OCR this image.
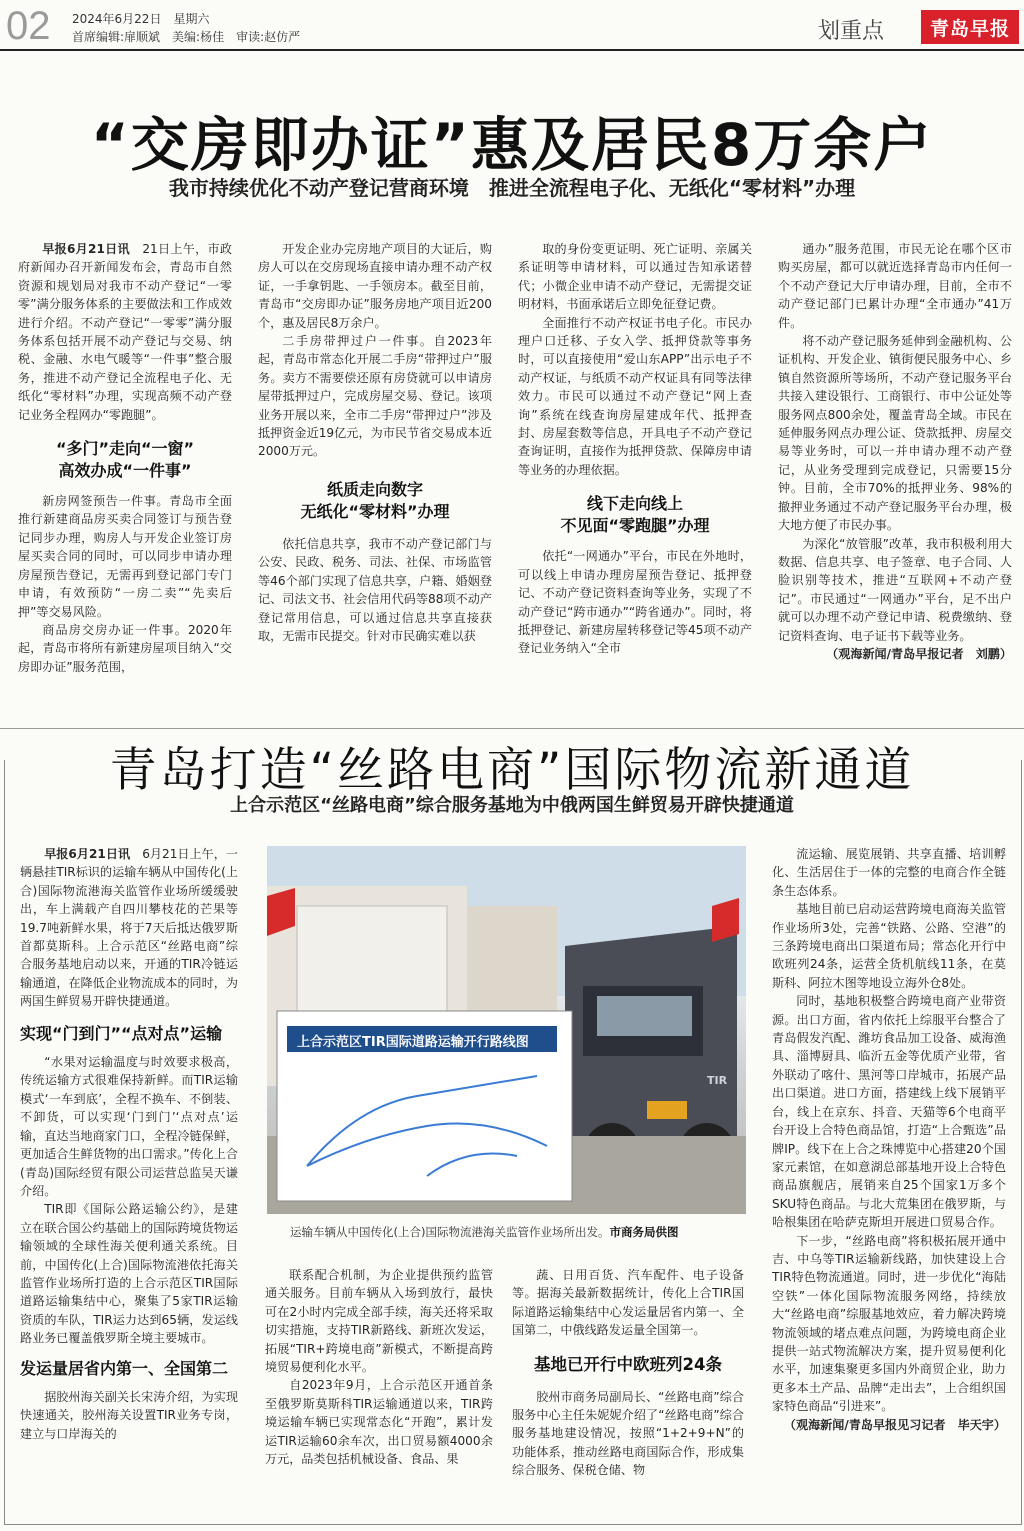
02 2024年6月22日　星期六
首席编辑:扉顺斌　美编:杨佳　审读:赵仿严	划重点 青岛早报
“交房即办证”惠及居民8万余户
我市持续优化不动产登记营商环境　推进全流程电子化、无纸化“零材料”办理

早报6月21日讯　 21日上午，市政府新闻办召开新闻发布会，青岛市自然资源和规划局对我市不动产登记“一零零”满分服务体系的主要做法和工作成效进行介绍。不动产登记“一零零”满分服务体系包括开展不动产登记与交易、纳税、金融、水电气暖等“一件事”整合服务，推进不动产登记全流程电子化、无纸化“零材料”办理，实现高频不动产登记业务全程网办“零跑腿”。

“多门”走向“一窗”
高效办成“一件事”

新房网签预告一件事。青岛市全面推行新建商品房买卖合同签订与预告登记同步办理，购房人与开发企业签订房屋买卖合同的同时，可以同步申请办理房屋预告登记，无需再到登记部门专门申请，有效预防“一房二卖”“先卖后押”等交易风险。

商品房交房办证一件事。2020年起，青岛市将所有新建房屋项目纳入“交房即办证”服务范围，

开发企业办完房地产项目的大证后，购房人可以在交房现场直接申请办理不动产权证，一手拿钥匙、一手领房本。截至目前，青岛市“交房即办证”服务房地产项目近200个，惠及居民8万余户。

二手房带押过户一件事。自2023年起，青岛市常态化开展二手房“带押过户”服务。卖方不需要偿还原有房贷就可以申请房屋带抵押过户，完成房屋交易、登记。该项业务开展以来，全市二手房“带押过户”涉及抵押资金近19亿元，为市民节省交易成本近2000万元。

纸质走向数字
无纸化“零材料”办理

依托信息共享，我市不动产登记部门与公安、民政、税务、司法、社保、市场监管等46个部门实现了信息共享，户籍、婚姻登记、司法文书、社会信用代码等88项不动产登记常用信息，可以通过信息共享直接获取，无需市民提交。针对市民确实难以获

取的身份变更证明、死亡证明、亲属关系证明等申请材料，可以通过告知承诺替代；小微企业申请不动产登记，无需提交证明材料，书面承诺后立即免征登记费。

全面推行不动产权证书电子化。市民办理户口迁移、子女入学、抵押贷款等事务时，可以直接使用“爱山东APP”出示电子不动产权证，与纸质不动产权证具有同等法律效力。市民可以通过不动产登记“网上查询”系统在线查询房屋建成年代、抵押查封、房屋套数等信息，开具电子不动产登记查询证明，直接作为抵押贷款、保障房申请等业务的办理依据。

线下走向线上
不见面“零跑腿”办理

依托“一网通办”平台，市民在外地时，可以线上申请办理房屋预告登记、抵押登记、不动产登记资料查询等业务，实现了不动产登记“跨市通办”“跨省通办”。同时，将抵押登记、新建房屋转移登记等45项不动产登记业务纳入“全市

通办”服务范围，市民无论在哪个区市购买房屋，都可以就近选择青岛市内任何一个不动产登记大厅申请办理，目前，全市不动产登记部门已累计办理“全市通办”41万件。

将不动产登记服务延伸到金融机构、公证机构、开发企业、镇街便民服务中心、乡镇自然资源所等场所，不动产登记服务平台共接入建设银行、工商银行、市中公证处等服务网点800余处，覆盖青岛全域。市民在延伸服务网点办理公证、贷款抵押、房屋交易等业务时，可以一并申请办理不动产登记，从业务受理到完成登记，只需要15分钟。目前，全市70%的抵押业务、98%的撤押业务通过不动产登记服务平台办理，极大地方便了市民办事。

为深化“放管服”改革，我市积极利用大数据、信息共享、电子签章、电子合同、人脸识别等技术，推进“互联网+不动产登记”。市民通过“一网通办”平台，足不出户就可以办理不动产登记申请、税费缴纳、登记资料查询、电子证书下载等业务。

（观海新闻/青岛早报记者　刘鹏）
青岛打造“丝路电商”国际物流新通道
上合示范区“丝路电商”综合服务基地为中俄两国生鲜贸易开辟快捷通道

早报6月21日讯　 6月21日上午，一辆悬挂TIR标识的运输车辆从中国传化(上合)国际物流港海关监管作业场所缓缓驶出，车上满载产自四川攀枝花的芒果等19.7吨新鲜水果，将于7天后抵达俄罗斯首都莫斯科。上合示范区“丝路电商”综合服务基地启动以来，开通的TIR冷链运输通道，在降低企业物流成本的同时，为两国生鲜贸易开辟快捷通道。

实现“门到门”“点对点”运输

“水果对运输温度与时效要求极高，传统运输方式很难保持新鲜。而TIR运输模式‘一车到底’，全程不换车、不倒装、不卸货，可以实现‘门到门’‘点对点’运输，直达当地商家门口，全程冷链保鲜，更加适合生鲜货物的出口需求。”传化上合(青岛)国际经贸有限公司运营总监吴天谦介绍。

TIR即《国际公路运输公约》，是建立在联合国公约基础上的国际跨境货物运输领域的全球性海关便利通关系统。目前，中国传化(上合)国际物流港依托海关监管作业场所打造的上合示范区TIR国际道路运输集结中心，聚集了5家TIR运输资质的车队，TIR运力达到65辆，发运线路业务已覆盖俄罗斯全境主要城市。

发运量居省内第一、全国第二

据胶州海关副关长宋涛介绍，为实现快速通关，胶州海关设置TIR业务专岗，建立与口岸海关的

上合示范区TIR国际道路运输开行路线图
TIR
运输车辆从中国传化(上合)国际物流港海关监管作业场所出发。市商务局供图

联系配合机制，为企业提供预约监管通关服务。目前车辆从入场到放行，最快可在2小时内完成全部手续，海关还将采取切实措施，支持TIR新路线、新班次发运，拓展“TIR+跨境电商”新模式，不断提高跨境贸易便利化水平。

自2023年9月，上合示范区开通首条至俄罗斯莫斯科TIR运输通道以来，TIR跨境运输车辆已实现常态化“开跑”，累计发运TIR运输60余车次，出口贸易额4000余万元，品类包括机械设备、食品、果

蔬、日用百货、汽车配件、电子设备等。据海关最新数据统计，传化上合TIR国际道路运输集结中心发运量居省内第一、全国第二，中俄线路发运量全国第一。

基地已开行中欧班列24条

胶州市商务局副局长、“丝路电商”综合服务中心主任朱妮妮介绍了“丝路电商”综合服务基地建设情况，按照“1+2+9+N”的功能体系，推动丝路电商国际合作，形成集综合服务、保税仓储、物

流运输、展览展销、共享直播、培训孵化、生活居住于一体的完整的电商合作全链条生态体系。

基地目前已启动运营跨境电商海关监管作业场所3处，完善“铁路、公路、空港”的三条跨境电商出口渠道布局；常态化开行中欧班列24条，运营全货机航线11条，在莫斯科、阿拉木图等地设立海外仓8处。

同时，基地积极整合跨境电商产业带资源。出口方面，省内依托上综服平台整合了青岛假发汽配、潍坊食品加工设备、威海渔具、淄博厨具、临沂五金等优质产业带，省外联动了喀什、黑河等口岸城市，拓展产品出口渠道。进口方面，搭建线上线下展销平台，线上在京东、抖音、天猫等6个电商平台开设上合特色商品馆，打造“上合甄选”品牌IP。线下在上合之珠博览中心搭建20个国家元素馆，在如意湖总部基地开设上合特色商品旗舰店，展销来自25个国家1万多个SKU特色商品。与北大荒集团在俄罗斯，与哈根集团在哈萨克斯坦开展进口贸易合作。

下一步，“丝路电商”将积极拓展开通中吉、中乌等TIR运输新线路，加快建设上合TIR特色物流通道。同时，进一步优化“海陆空铁”一体化国际物流服务网络，持续放大“丝路电商”综服基地效应，着力解决跨境物流领域的堵点难点问题，为跨境电商企业提供一站式物流解决方案，提升贸易便利化水平，加速集聚更多国内外商贸企业，助力更多本土产品、品牌“走出去”，上合组织国家特色商品“引进来”。

（观海新闻/青岛早报见习记者　毕天宇）
